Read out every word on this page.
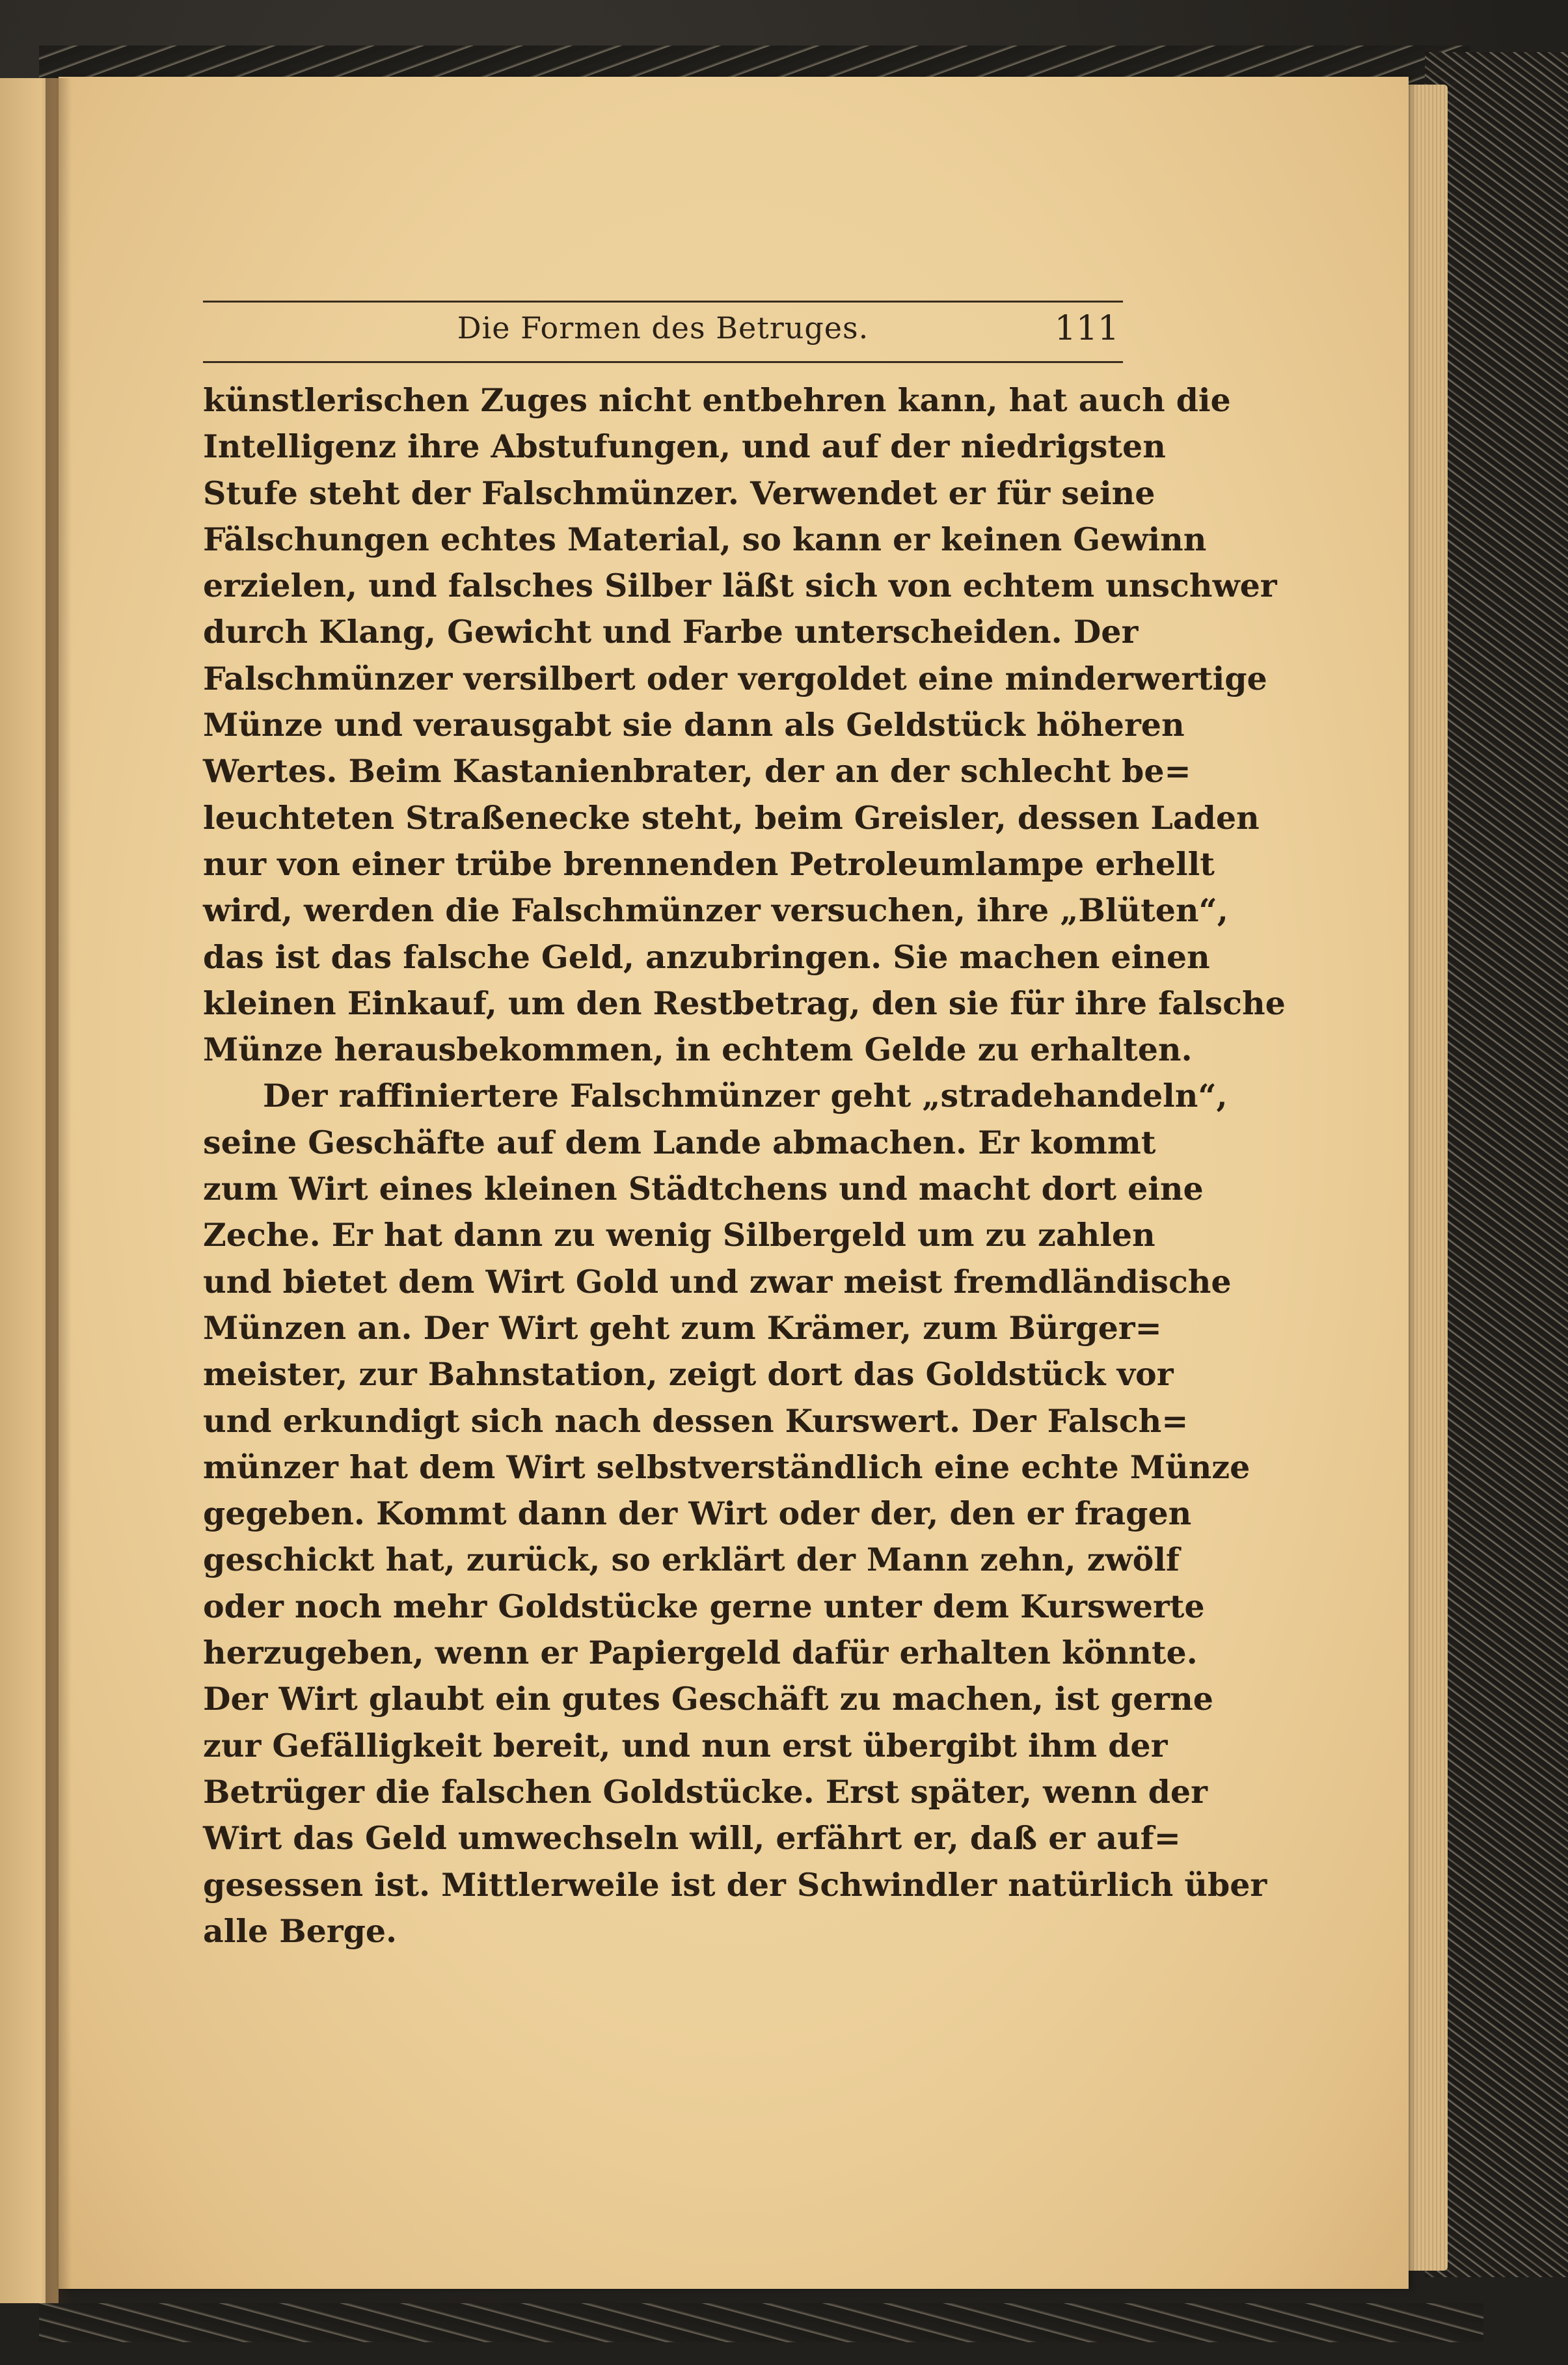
Die Formen des Betruges.	111
künstlerischen Zuges nicht entbehren kann, hat auch die
Intelligenz ihre Abstufungen, und auf der niedrigsten
Stufe steht der Falschmünzer. Verwendet er für seine
Fälschungen echtes Material, so kann er keinen Gewinn
erzielen, und falsches Silber läßt sich von echtem unschwer
durch Klang, Gewicht und Farbe unterscheiden. Der
Falschmünzer versilbert oder vergoldet eine minderwertige
Münze und verausgabt sie dann als Geldstück höheren
Wertes. Beim Kastanienbrater, der an der schlecht be=
leuchteten Straßenecke steht, beim Greisler, dessen Laden
nur von einer trübe brennenden Petroleumlampe erhellt
wird, werden die Falschmünzer versuchen, ihre „Blüten“,
das ist das falsche Geld, anzubringen. Sie machen einen
kleinen Einkauf, um den Restbetrag, den sie für ihre falsche
Münze herausbekommen, in echtem Gelde zu erhalten.
Der raffiniertere Falschmünzer geht „stradehandeln“,
seine Geschäfte auf dem Lande abmachen. Er kommt
zum Wirt eines kleinen Städtchens und macht dort eine
Zeche. Er hat dann zu wenig Silbergeld um zu zahlen
und bietet dem Wirt Gold und zwar meist fremdländische
Münzen an. Der Wirt geht zum Krämer, zum Bürger=
meister, zur Bahnstation, zeigt dort das Goldstück vor
und erkundigt sich nach dessen Kurswert. Der Falsch=
münzer hat dem Wirt selbstverständlich eine echte Münze
gegeben. Kommt dann der Wirt oder der, den er fragen
geschickt hat, zurück, so erklärt der Mann zehn, zwölf
oder noch mehr Goldstücke gerne unter dem Kurswerte
herzugeben, wenn er Papiergeld dafür erhalten könnte.
Der Wirt glaubt ein gutes Geschäft zu machen, ist gerne
zur Gefälligkeit bereit, und nun erst übergibt ihm der
Betrüger die falschen Goldstücke. Erst später, wenn der
Wirt das Geld umwechseln will, erfährt er, daß er auf=
gesessen ist. Mittlerweile ist der Schwindler natürlich über
alle Berge.
